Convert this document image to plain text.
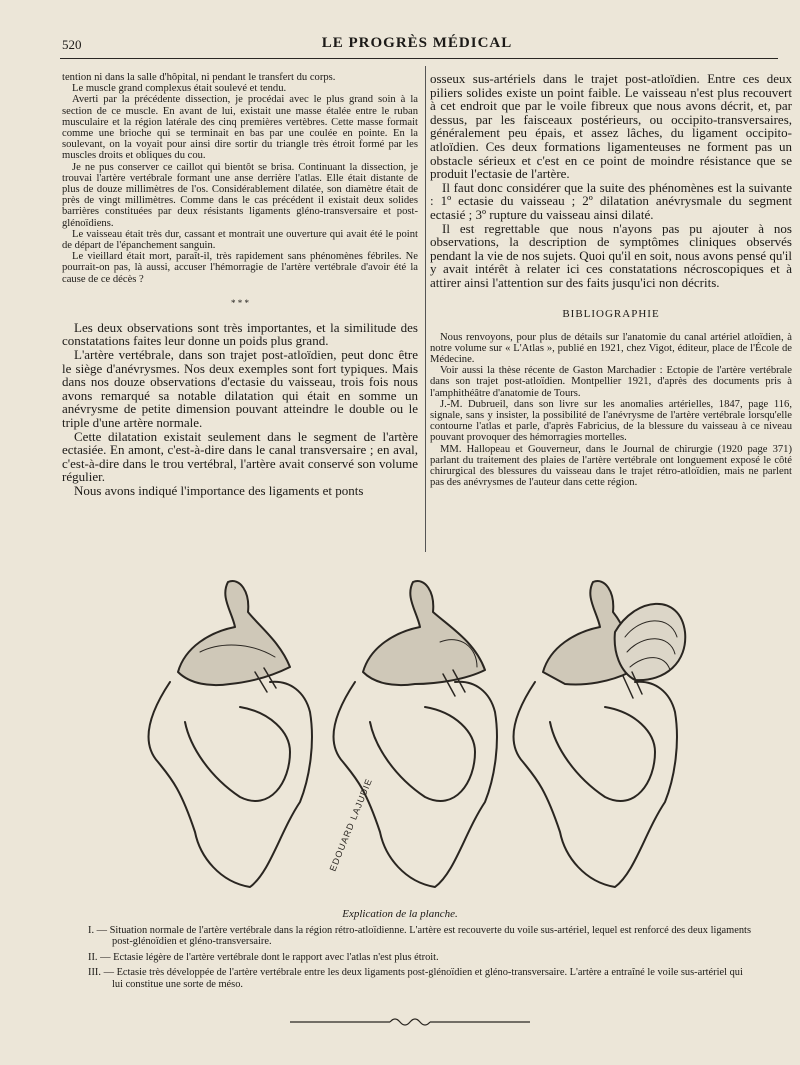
520	LE PROGRÈS MÉDICAL

tention ni dans la salle d'hôpital, ni pendant le transfert du corps.

Le muscle grand complexus était soulevé et tendu.

Averti par la précédente dissection, je procédai avec le plus grand soin à la section de ce muscle. En avant de lui, existait une masse étalée entre le ruban musculaire et la région latérale des cinq premières vertèbres. Cette masse formait comme une brioche qui se terminait en bas par une coulée en pointe. En la soulevant, on la voyait pour ainsi dire sortir du triangle très étroit formé par les muscles droits et obliques du cou.

Je ne pus conserver ce caillot qui bientôt se brisa. Continuant la dissection, je trouvai l'artère vertébrale formant une anse derrière l'atlas. Elle était distante de plus de douze millimètres de l'os. Considérablement dilatée, son diamètre était de près de vingt millimètres. Comme dans le cas précédent il existait deux solides barrières constituées par deux résistants ligaments gléno-transversaire et post-glénoïdiens.

Le vaisseau était très dur, cassant et montrait une ouverture qui avait été le point de départ de l'épanchement sanguin.

Le vieillard était mort, paraît-il, très rapidement sans phénomènes fébriles. Ne pourrait-on pas, là aussi, accuser l'hémorragie de l'artère vertébrale d'avoir été la cause de ce décès ?

* * *

Les deux observations sont très importantes, et la similitude des constatations faites leur donne un poids plus grand.

L'artère vertébrale, dans son trajet post-atloïdien, peut donc être le siège d'anévrysmes. Nos deux exemples sont fort typiques. Mais dans nos douze observations d'ectasie du vaisseau, trois fois nous avons remarqué sa notable dilatation qui était en somme un anévrysme de petite dimension pouvant atteindre le double ou le triple d'une artère normale.

Cette dilatation existait seulement dans le segment de l'artère ectasiée. En amont, c'est-à-dire dans le canal transversaire ; en aval, c'est-à-dire dans le trou vertébral, l'artère avait conservé son volume régulier.

Nous avons indiqué l'importance des ligaments et ponts

osseux sus-artériels dans le trajet post-atloïdien. Entre ces deux piliers solides existe un point faible. Le vaisseau n'est plus recouvert à cet endroit que par le voile fibreux que nous avons décrit, et, par dessus, par les faisceaux postérieurs, ou occipito-transversaires, généralement peu épais, et assez lâches, du ligament occipito-atloïdien. Ces deux formations ligamenteuses ne forment pas un obstacle sérieux et c'est en ce point de moindre résistance que se produit l'ectasie de l'artère.

Il faut donc considérer que la suite des phénomènes est la suivante : 1º ectasie du vaisseau ; 2º dilatation anévrysmale du segment ectasié ; 3º rupture du vaisseau ainsi dilaté.

Il est regrettable que nous n'ayons pas pu ajouter à nos observations, la description de symptômes cliniques observés pendant la vie de nos sujets. Quoi qu'il en soit, nous avons pensé qu'il y avait intérêt à relater ici ces constatations nécroscopiques et à attirer ainsi l'attention sur des faits jusqu'ici non décrits.

BIBLIOGRAPHIE

Nous renvoyons, pour plus de détails sur l'anatomie du canal artériel atloïdien, à notre volume sur « L'Atlas », publié en 1921, chez Vigot, éditeur, place de l'École de Médecine.

Voir aussi la thèse récente de Gaston Marchadier : Ectopie de l'artère vertébrale dans son trajet post-atloïdien. Montpellier 1921, d'après des documents pris à l'amphithéâtre d'anatomie de Tours.

J.-M. Dubrueil, dans son livre sur les anomalies artérielles, 1847, page 116, signale, sans y insister, la possibilité de l'anévrysme de l'artère vertébrale lorsqu'elle contourne l'atlas et parle, d'après Fabricius, de la blessure du vaisseau à ce niveau pouvant provoquer des hémorragies mortelles.

MM. Hallopeau et Gouverneur, dans le Journal de chirurgie (1920 page 371) parlant du traitement des plaies de l'artère vertébrale ont longuement exposé le côté chirurgical des blessures du vaisseau dans le trajet rétro-atloïdien, mais ne parlent pas des anévrysmes de l'auteur dans cette région.

EDOUARD LAJUDIE
Explication de la planche.

I. — Situation normale de l'artère vertébrale dans la région rétro-atloïdienne. L'artère est recouverte du voile sus-artériel, lequel est renforcé des deux ligaments post-glénoïdien et gléno-transversaire.

II. — Ectasie légère de l'artère vertébrale dont le rapport avec l'atlas n'est plus étroit.

III. — Ectasie très développée de l'artère vertébrale entre les deux ligaments post-glénoïdien et gléno-transversaire. L'artère a entraîné le voile sus-artériel qui lui constitue une sorte de méso.
